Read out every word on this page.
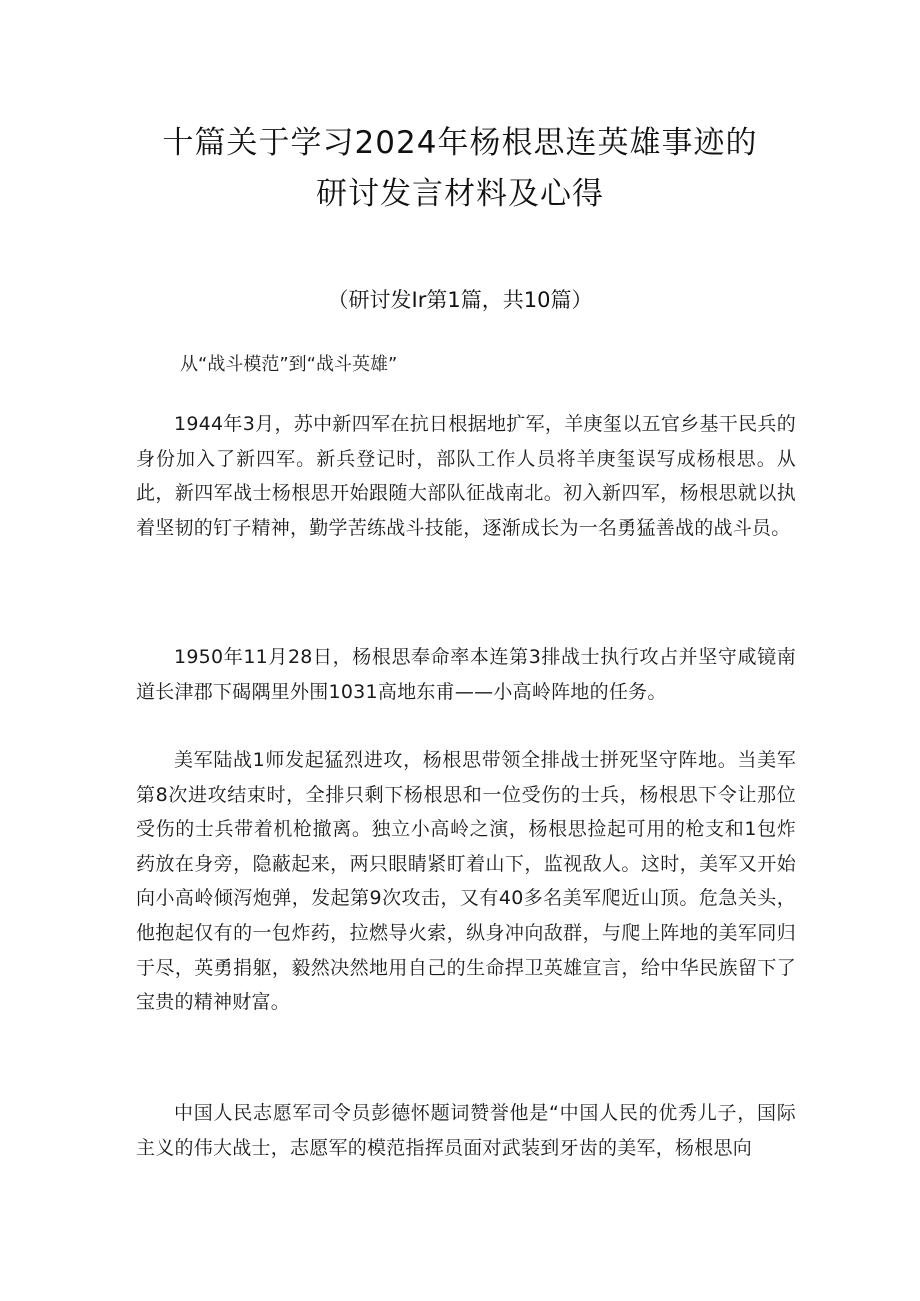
十篇关于学习2024年杨根思连英雄事迹的
研讨发言材料及心得
（研讨发Ir第1篇，共10篇）
从“战斗模范”到“战斗英雄”
1944年3月，苏中新四军在抗日根据地扩军，羊庚玺以五官乡基干民兵的身份加入了新四军。新兵登记时，部队工作人员将羊庚玺误写成杨根思。从此，新四军战士杨根思开始跟随大部队征战南北。初入新四军，杨根思就以执着坚韧的钉子精神，勤学苦练战斗技能，逐渐成长为一名勇猛善战的战斗员。
1950年11月28日，杨根思奉命率本连第3排战士执行攻占并坚守咸镜南道长津郡下碣隅里外围1031高地东甫——小高岭阵地的任务。
美军陆战1师发起猛烈进攻，杨根思带领全排战士拼死坚守阵地。当美军第8次进攻结束时，全排只剩下杨根思和一位受伤的士兵，杨根思下令让那位受伤的士兵带着机枪撤离。独立小高岭之演，杨根思捡起可用的枪支和1包炸药放在身旁，隐蔽起来，两只眼睛紧盯着山下，监视敌人。这时，美军又开始向小高岭倾泻炮弹，发起第9次攻击，又有40多名美军爬近山顶。危急关头，他抱起仅有的一包炸药，拉燃导火索，纵身冲向敌群，与爬上阵地的美军同归于尽，英勇捐躯，毅然决然地用自己的生命捍卫英雄宣言，给中华民族留下了宝贵的精神财富。
中国人民志愿军司令员彭德怀题词赞誉他是“中国人民的优秀儿子，国际主义的伟大战士，志愿军的模范指挥员面对武装到牙齿的美军，杨根思向
